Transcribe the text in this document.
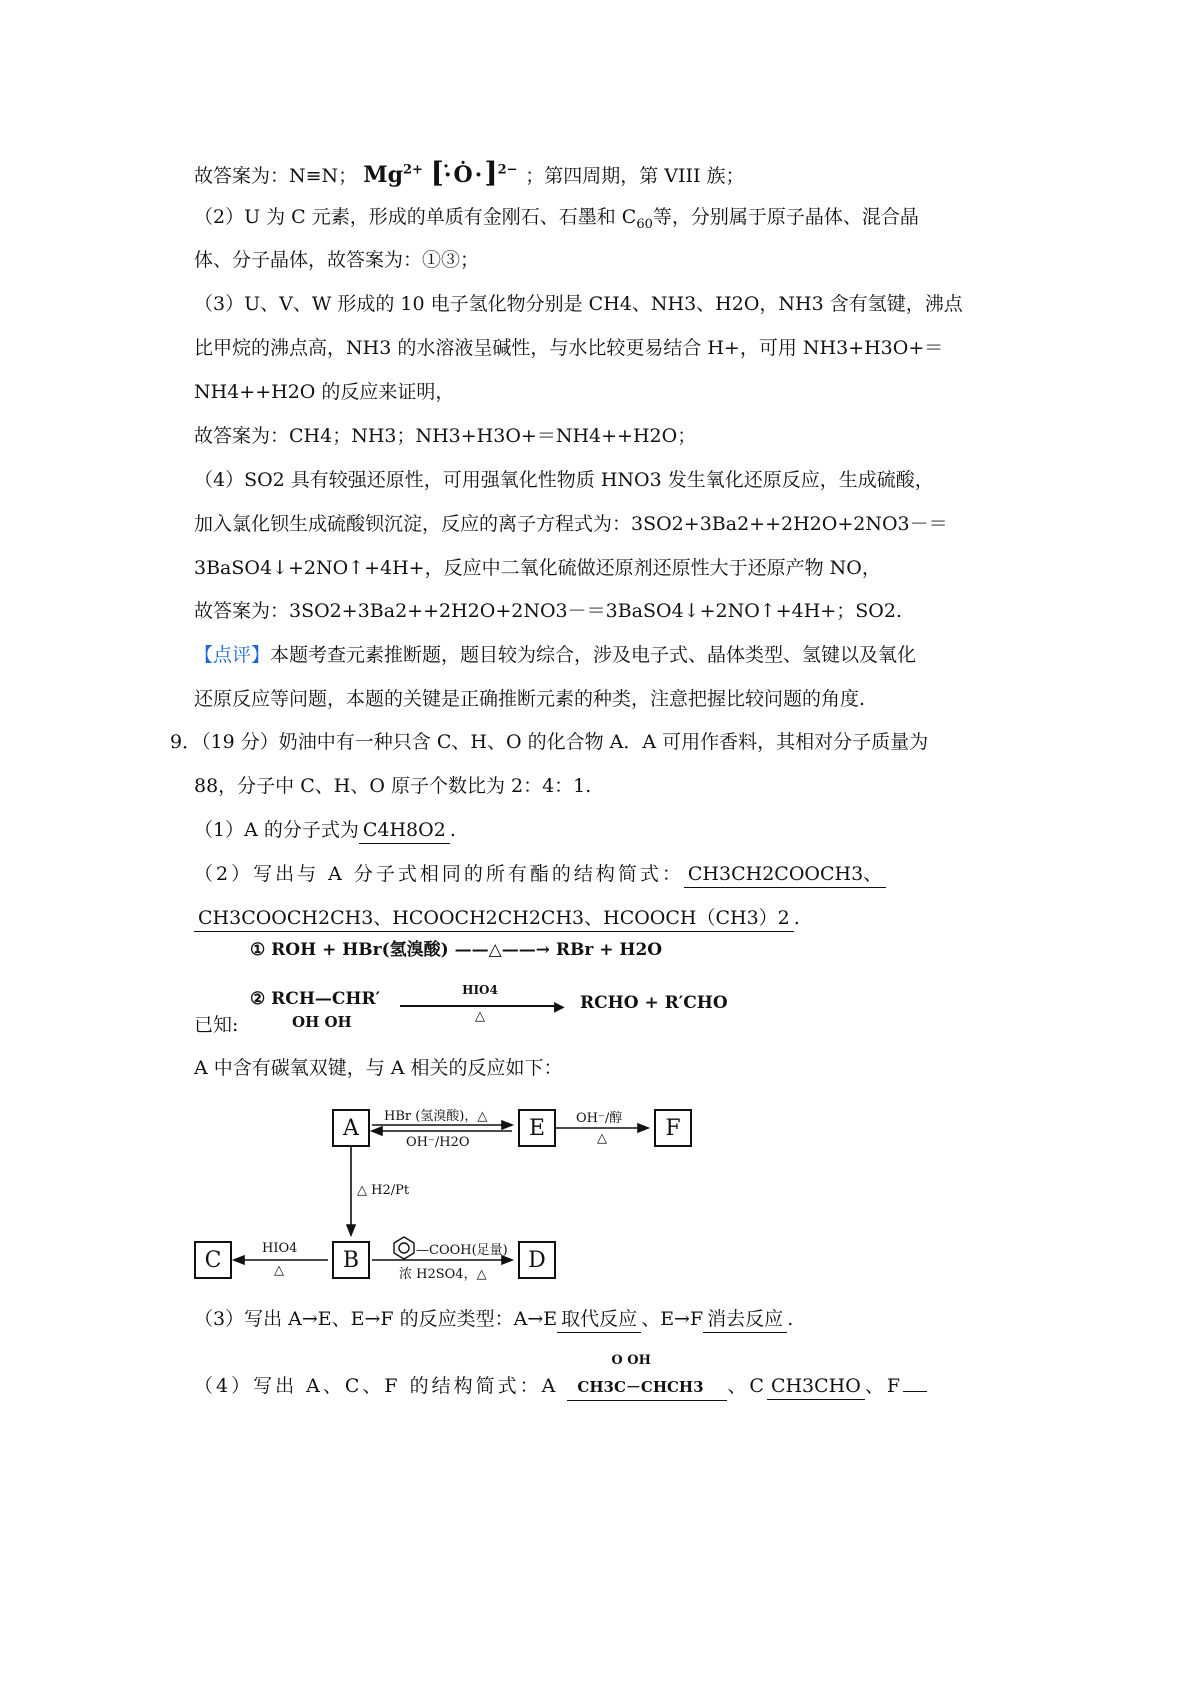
故答案为：N≡N； $Mg^{2+}$ [·̇Ȯ·]$^{2-}$ ；第四周期，第 VIII 族；
（2）U 为 C 元素，形成的单质有金刚石、石墨和 $C_{60}$等，分别属于原子晶体、混合晶
体、分子晶体，故答案为：①③；
（3）U、V、W 形成的 10 电子氢化物分别是 CH4、NH3、H2O，NH3 含有氢键，沸点
比甲烷的沸点高，NH3 的水溶液呈碱性，与水比较更易结合 H+，可用 NH3+H3O+＝
NH4++H2O 的反应来证明，
故答案为：CH4；NH3；NH3+H3O+＝NH4++H2O；
（4）SO2 具有较强还原性，可用强氧化性物质 HNO3 发生氧化还原反应，生成硫酸，
加入氯化钡生成硫酸钡沉淀，反应的离子方程式为：3SO2+3Ba2++2H2O+2NO3－＝
3BaSO4↓+2NO↑+4H+，反应中二氧化硫做还原剂还原性大于还原产物 NO，
故答案为：3SO2+3Ba2++2H2O+2NO3－＝3BaSO4↓+2NO↑+4H+；SO2.
【点评】本题考查元素推断题，题目较为综合，涉及电子式、晶体类型、氢键以及氧化
还原反应等问题，本题的关键是正确推断元素的种类，注意把握比较问题的角度.
9．（19 分）奶油中有一种只含 C、H、O 的化合物 A．A 可用作香料，其相对分子质量为
88，分子中 C、H、O 原子个数比为 2：4：1.
（1）A 的分子式为 C4H8O2 .
（2）写出与 A 分子式相同的所有酯的结构简式： CH3CH2COOCH3、
CH3COOCH2CH3、HCOOCH2CH2CH3、HCOOCH（CH3）2 .
① ROH + HBr(氢溴酸) ——△——→ RBr + H2O
② RCH—CHR′
OH OH
HIO4
▶
△
RCHO + R′CHO
已知:
A 中含有碳氧双键，与 A 相关的反应如下：
A	E	F
B
C	D
HBr (氢溴酸)，△
OH⁻/H2O
OH⁻/醇
△
△ H2/Pt
HIO4
△
—COOH(足量)
浓 H2SO4，△
（3）写出 A→E、E→F 的反应类型：A→E 取代反应 、E→F 消去反应 .
（4）写出 A、C、F 的结构简式：A
O OH
CH3C－CHCH3 、C CH3CHO 、F
